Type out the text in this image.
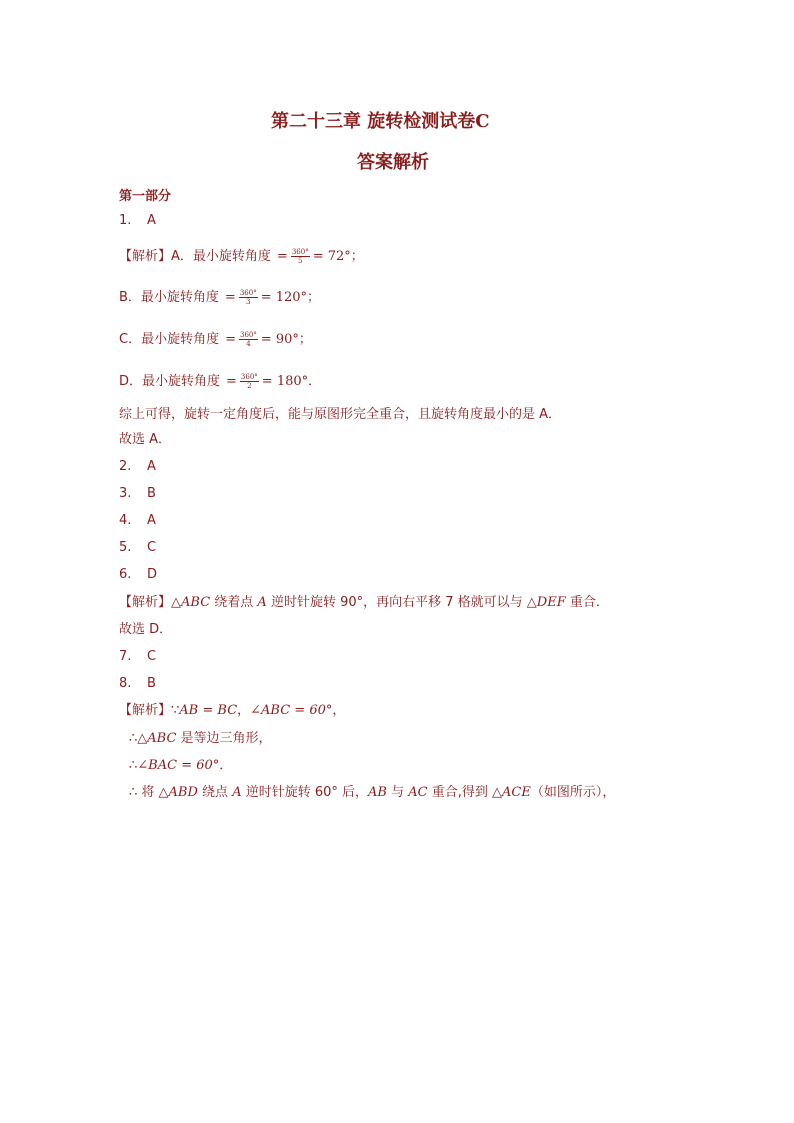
第二十三章 旋转检测试卷C
答案解析
第一部分
1. A
【解析】A．最小旋转角度 = $\frac{360^\circ}{5} = 72^\circ$；
B．最小旋转角度 = $\frac{360^\circ}{3} = 120^\circ$；
C．最小旋转角度 = $\frac{360^\circ}{4} = 90^\circ$；
D．最小旋转角度 = $\frac{360^\circ}{2} = 180^\circ$．
综上可得，旋转一定角度后，能与原图形完全重合，且旋转角度最小的是 A．
故选 A．
2. A
3. B
4. A
5. C
6. D
【解析】△ABC 绕着点 A 逆时针旋转 90°，再向右平移 7 格就可以与 △DEF 重合．
故选 D．
7. C
8. B
【解析】∵AB = BC，∠ABC = 60°，
∴△ABC 是等边三角形，
∴∠BAC = 60°．
∴ 将 △ABD 绕点 A 逆时针旋转 60° 后，AB 与 AC 重合,得到 △ACE（如图所示），
